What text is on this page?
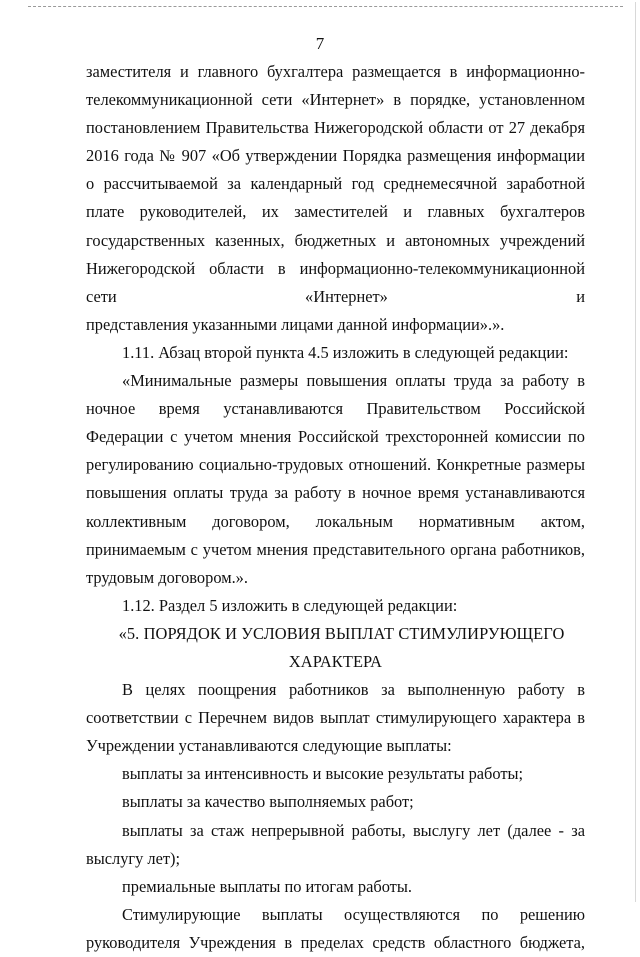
7

заместителя и главного бухгалтера размещается в информационно-телекоммуникационной сети «Интернет» в порядке, установленном постановлением Правительства Нижегородской области от 27 декабря 2016 года № 907 «Об утверждении Порядка размещения информации о рассчитываемой за календарный год среднемесячной заработной плате руководителей, их заместителей и главных бухгалтеров государственных казенных, бюджетных и автономных учреждений Нижегородской области в информационно-телекоммуникационной сети «Интернет» и

представления указанными лицами данной информации».».

1.11. Абзац второй пункта 4.5 изложить в следующей редакции:

«Минимальные размеры повышения оплаты труда за работу в ночное время устанавливаются Правительством Российской Федерации с учетом мнения Российской трехсторонней комиссии по регулированию социально-трудовых отношений. Конкретные размеры повышения оплаты труда за работу в ночное время устанавливаются коллективным договором, локальным нормативным актом, принимаемым с учетом мнения представительного органа работников, трудовым договором.».

1.12. Раздел 5 изложить в следующей редакции:

«5. ПОРЯДОК И УСЛОВИЯ ВЫПЛАТ СТИМУЛИРУЮЩЕГО
ХАРАКТЕРА

В целях поощрения работников за выполненную работу в соответствии с Перечнем видов выплат стимулирующего характера в Учреждении устанавливаются следующие выплаты:

выплаты за интенсивность и высокие результаты работы;

выплаты за качество выполняемых работ;

выплаты за стаж непрерывной работы, выслугу лет (далее - за выслугу лет);

премиальные выплаты по итогам работы.

Стимулирующие выплаты осуществляются по решению руководителя Учреждения в пределах средств областного бюджета,
